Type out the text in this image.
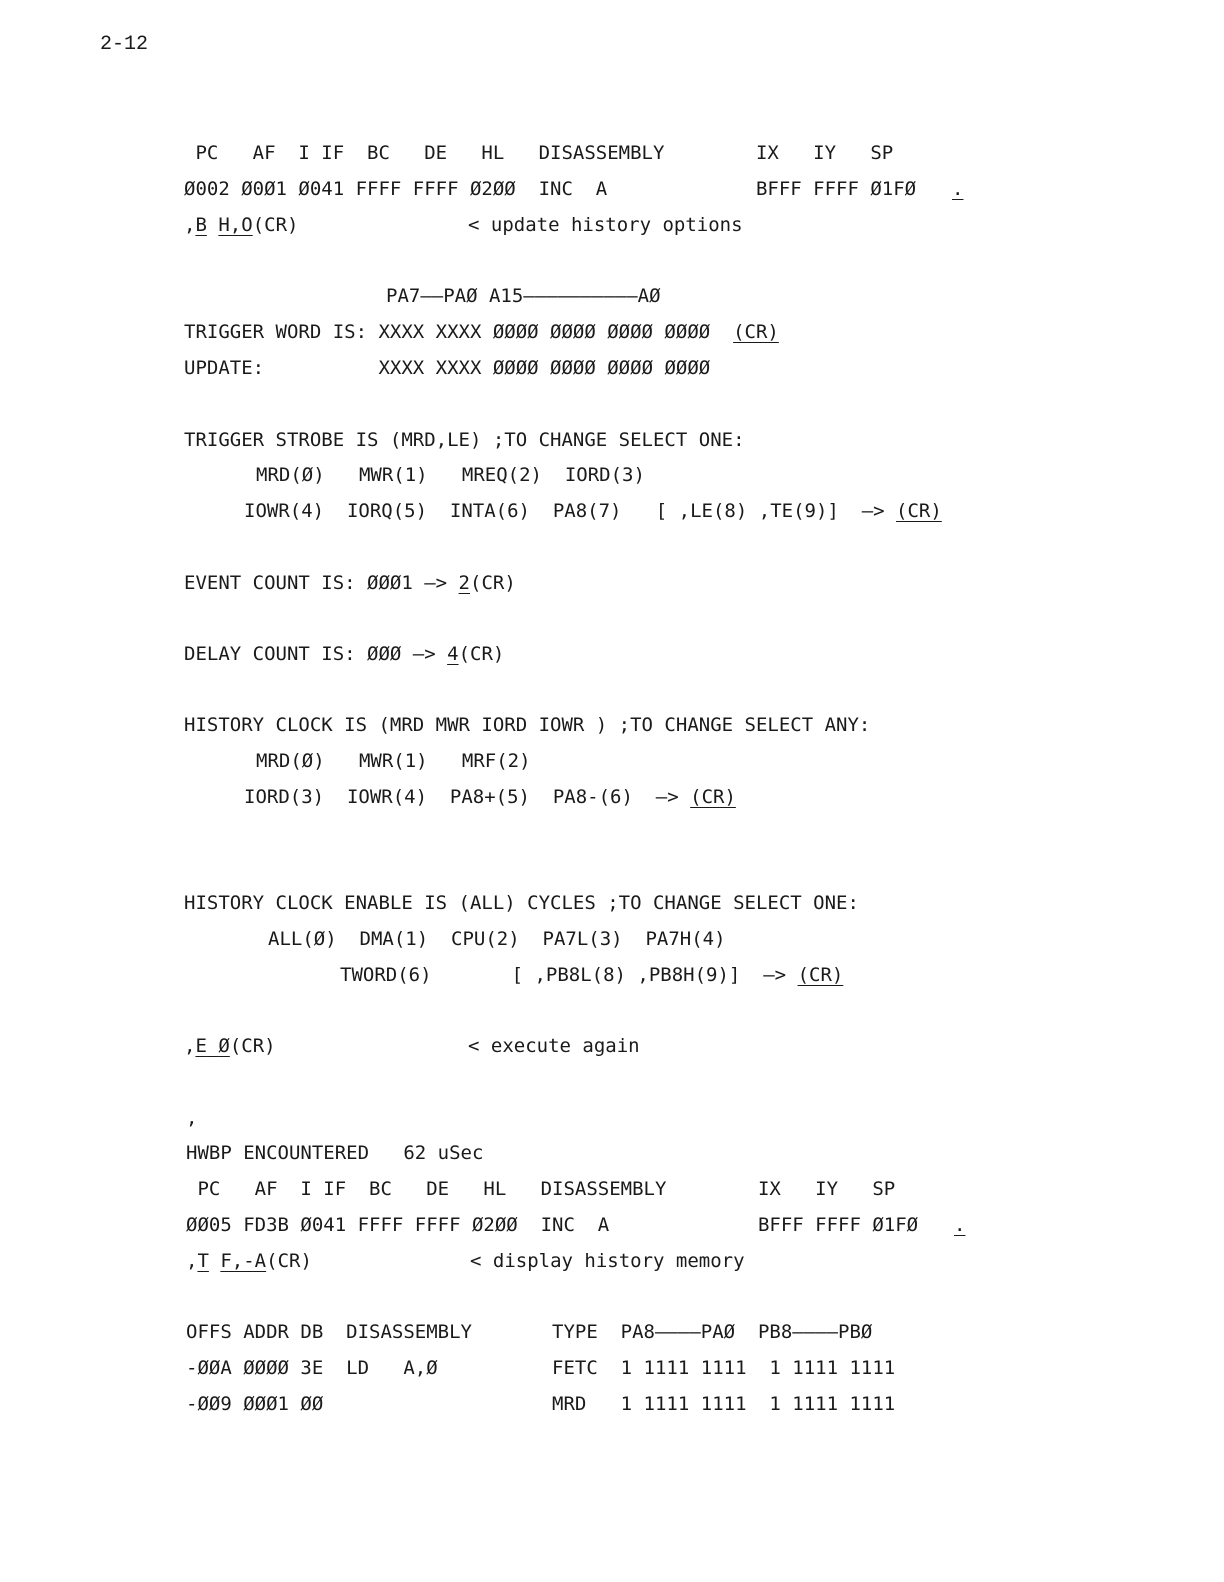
2-12
PC   AF  I IF  BC   DE   HL   DISASSEMBLY        IX   IY   SP
Ø002 Ø0Ø1 Ø041 FFFF FFFF Ø2ØØ  INC  A             BFFF FFFF Ø1FØ .
,B H,O(CR)	< update history options
PA7——PAØ A15——————————AØ
TRIGGER WORD IS: XXXX XXXX ØØØØ ØØØØ ØØØØ ØØØØ  (CR)
UPDATE:          XXXX XXXX ØØØØ ØØØØ ØØØØ ØØØØ
TRIGGER STROBE IS (MRD,LE) ;TO CHANGE SELECT ONE:
MRD(Ø)   MWR(1)   MREQ(2)  IORD(3)
IOWR(4)  IORQ(5)  INTA(6)  PA8(7)   [ ,LE(8) ,TE(9)]  —> (CR)
EVENT COUNT IS: ØØØ1 —> 2(CR)
DELAY COUNT IS: ØØØ —> 4(CR)
HISTORY CLOCK IS (MRD MWR IORD IOWR ) ;TO CHANGE SELECT ANY:
MRD(Ø)   MWR(1)   MRF(2)
IORD(3)  IOWR(4)  PA8+(5)  PA8-(6)  —> (CR)
HISTORY CLOCK ENABLE IS (ALL) CYCLES ;TO CHANGE SELECT ONE:
ALL(Ø)  DMA(1)  CPU(2)  PA7L(3)  PA7H(4)
TWORD(6)       [ ,PB8L(8) ,PB8H(9)]  —> (CR)
,E Ø(CR)	< execute again
,
HWBP ENCOUNTERED   62 uSec
PC   AF  I IF  BC   DE   HL   DISASSEMBLY        IX   IY   SP
ØØ05 FD3B Ø041 FFFF FFFF Ø2ØØ  INC  A             BFFF FFFF Ø1FØ .
,T F,-A(CR)	< display history memory
OFFS ADDR DB  DISASSEMBLY       TYPE  PA8————PAØ  PB8————PBØ
-ØØA ØØØØ 3E  LD   A,Ø          FETC  1 1111 1111  1 1111 1111
-ØØ9 ØØØ1 ØØ                    MRD   1 1111 1111  1 1111 1111
